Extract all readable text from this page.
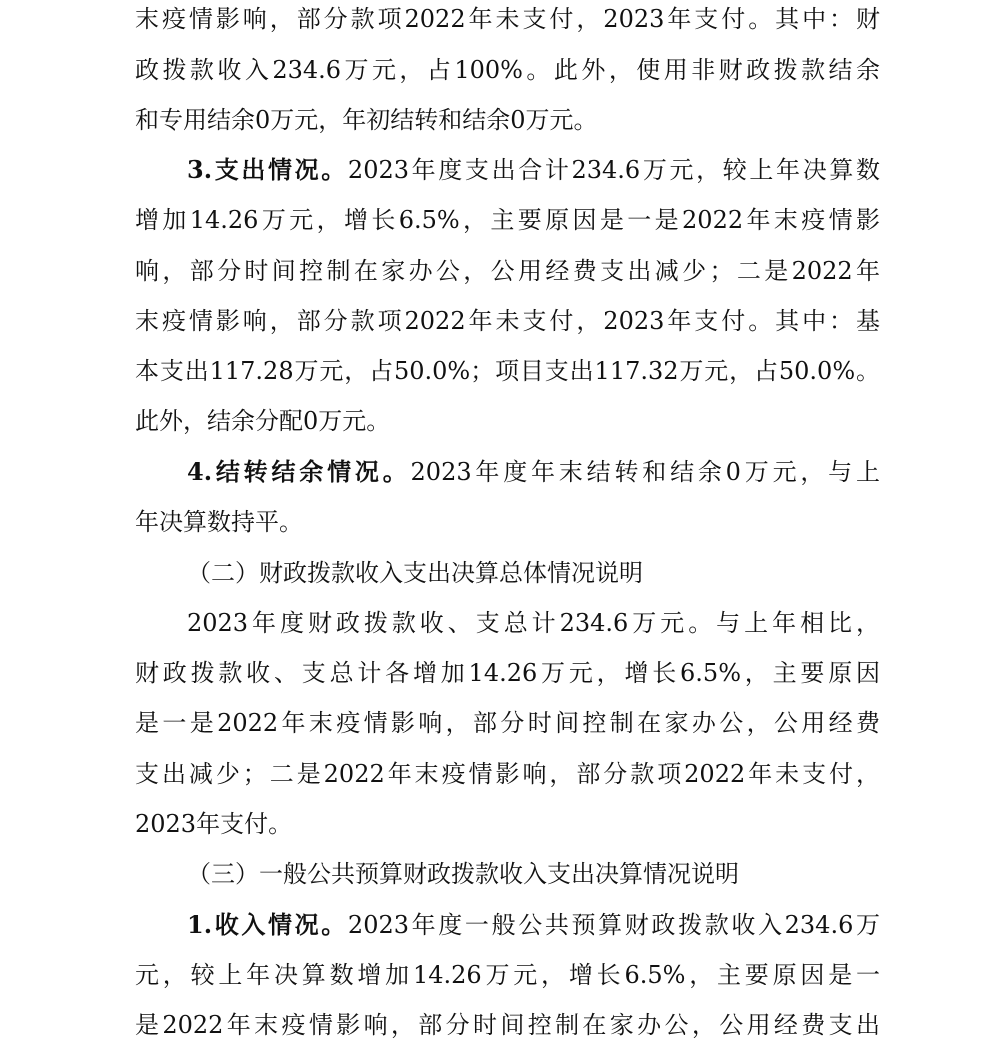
末疫情影响，部分款项2022年未支付，2023年支付。其中：财
政拨款收入234.6万元，占100%。此外，使用非财政拨款结余
和专用结余0万元，年初结转和结余0万元。
3.支出情况。2023年度支出合计234.6万元，较上年决算数
增加14.26万元，增长6.5%，主要原因是一是2022年末疫情影
响，部分时间控制在家办公，公用经费支出减少；二是2022年
末疫情影响，部分款项2022年未支付，2023年支付。其中：基
本支出117.28万元，占50.0%；项目支出117.32万元，占50.0%。
此外，结余分配0万元。
4.结转结余情况。2023年度年末结转和结余0万元，与上
年决算数持平。
（二）财政拨款收入支出决算总体情况说明
2023年度财政拨款收、支总计234.6万元。与上年相比，
财政拨款收、支总计各增加14.26万元，增长6.5%，主要原因
是一是2022年末疫情影响，部分时间控制在家办公，公用经费
支出减少；二是2022年末疫情影响，部分款项2022年未支付，
2023年支付。
（三）一般公共预算财政拨款收入支出决算情况说明
1.收入情况。2023年度一般公共预算财政拨款收入234.6万
元，较上年决算数增加14.26万元，增长6.5%，主要原因是一
是2022年末疫情影响，部分时间控制在家办公，公用经费支出
